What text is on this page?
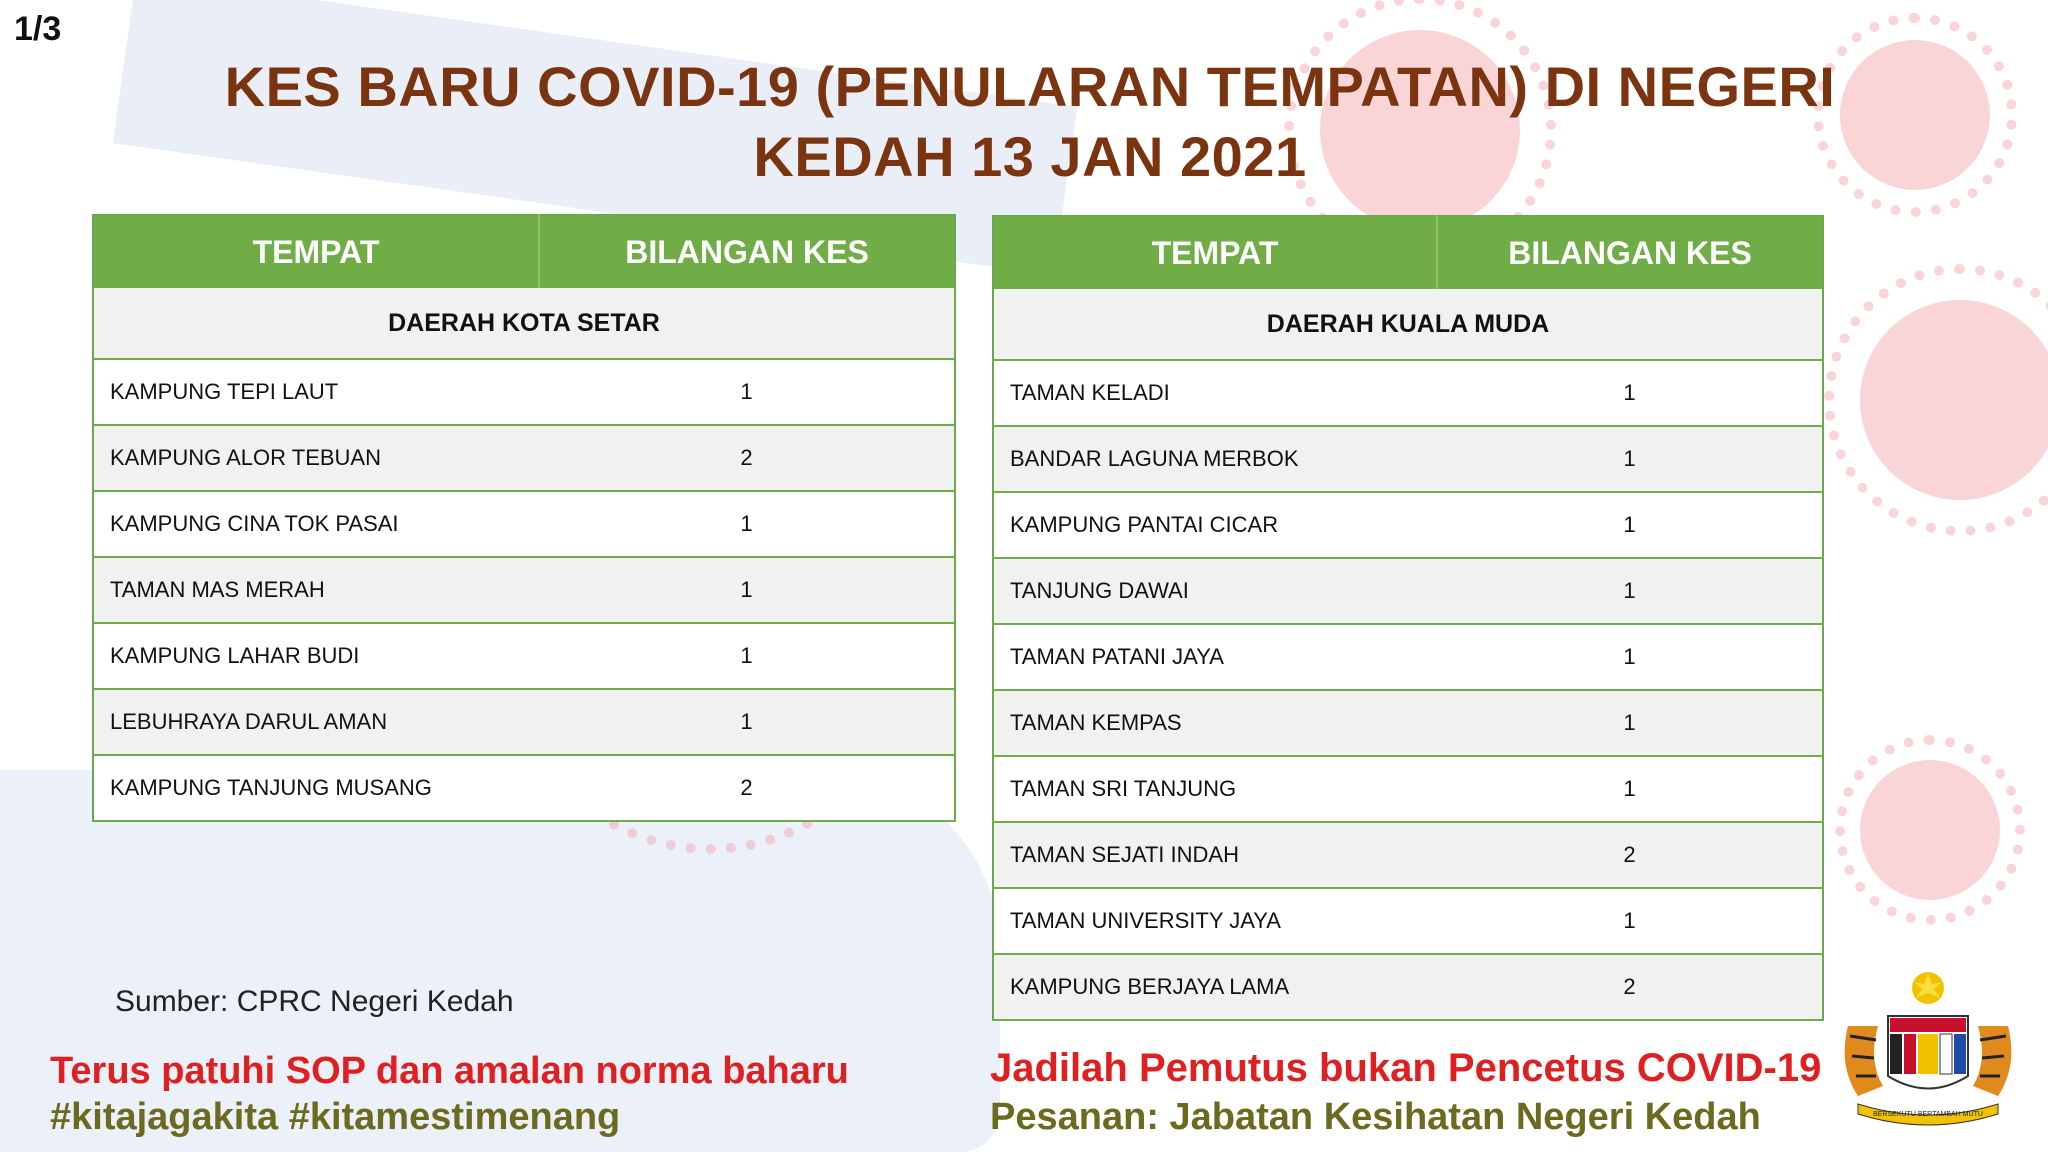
1/3
KES BARU COVID-19 (PENULARAN TEMPATAN) DI NEGERI
KEDAH 13 JAN 2021
TEMPAT	BILANGAN KES
DAERAH KOTA SETAR	
KAMPUNG TEPI LAUT	1
KAMPUNG ALOR TEBUAN	2
KAMPUNG CINA TOK PASAI	1
TAMAN MAS MERAH	1
KAMPUNG LAHAR BUDI	1
LEBUHRAYA DARUL AMAN	1
KAMPUNG TANJUNG MUSANG	2
TEMPAT	BILANGAN KES
DAERAH KUALA MUDA	
TAMAN KELADI	1
BANDAR LAGUNA MERBOK	1
KAMPUNG PANTAI CICAR	1
TANJUNG DAWAI	1
TAMAN PATANI JAYA	1
TAMAN KEMPAS	1
TAMAN SRI TANJUNG	1
TAMAN SEJATI INDAH	2
TAMAN UNIVERSITY JAYA	1
KAMPUNG BERJAYA LAMA	2
Sumber: CPRC Negeri Kedah
Terus patuhi SOP dan amalan norma baharu
#kitajagakita #kitamestimenang
Jadilah Pemutus bukan Pencetus COVID-19
Pesanan: Jabatan Kesihatan Negeri Kedah	BERSEKUTU BERTAMBAH MUTU
